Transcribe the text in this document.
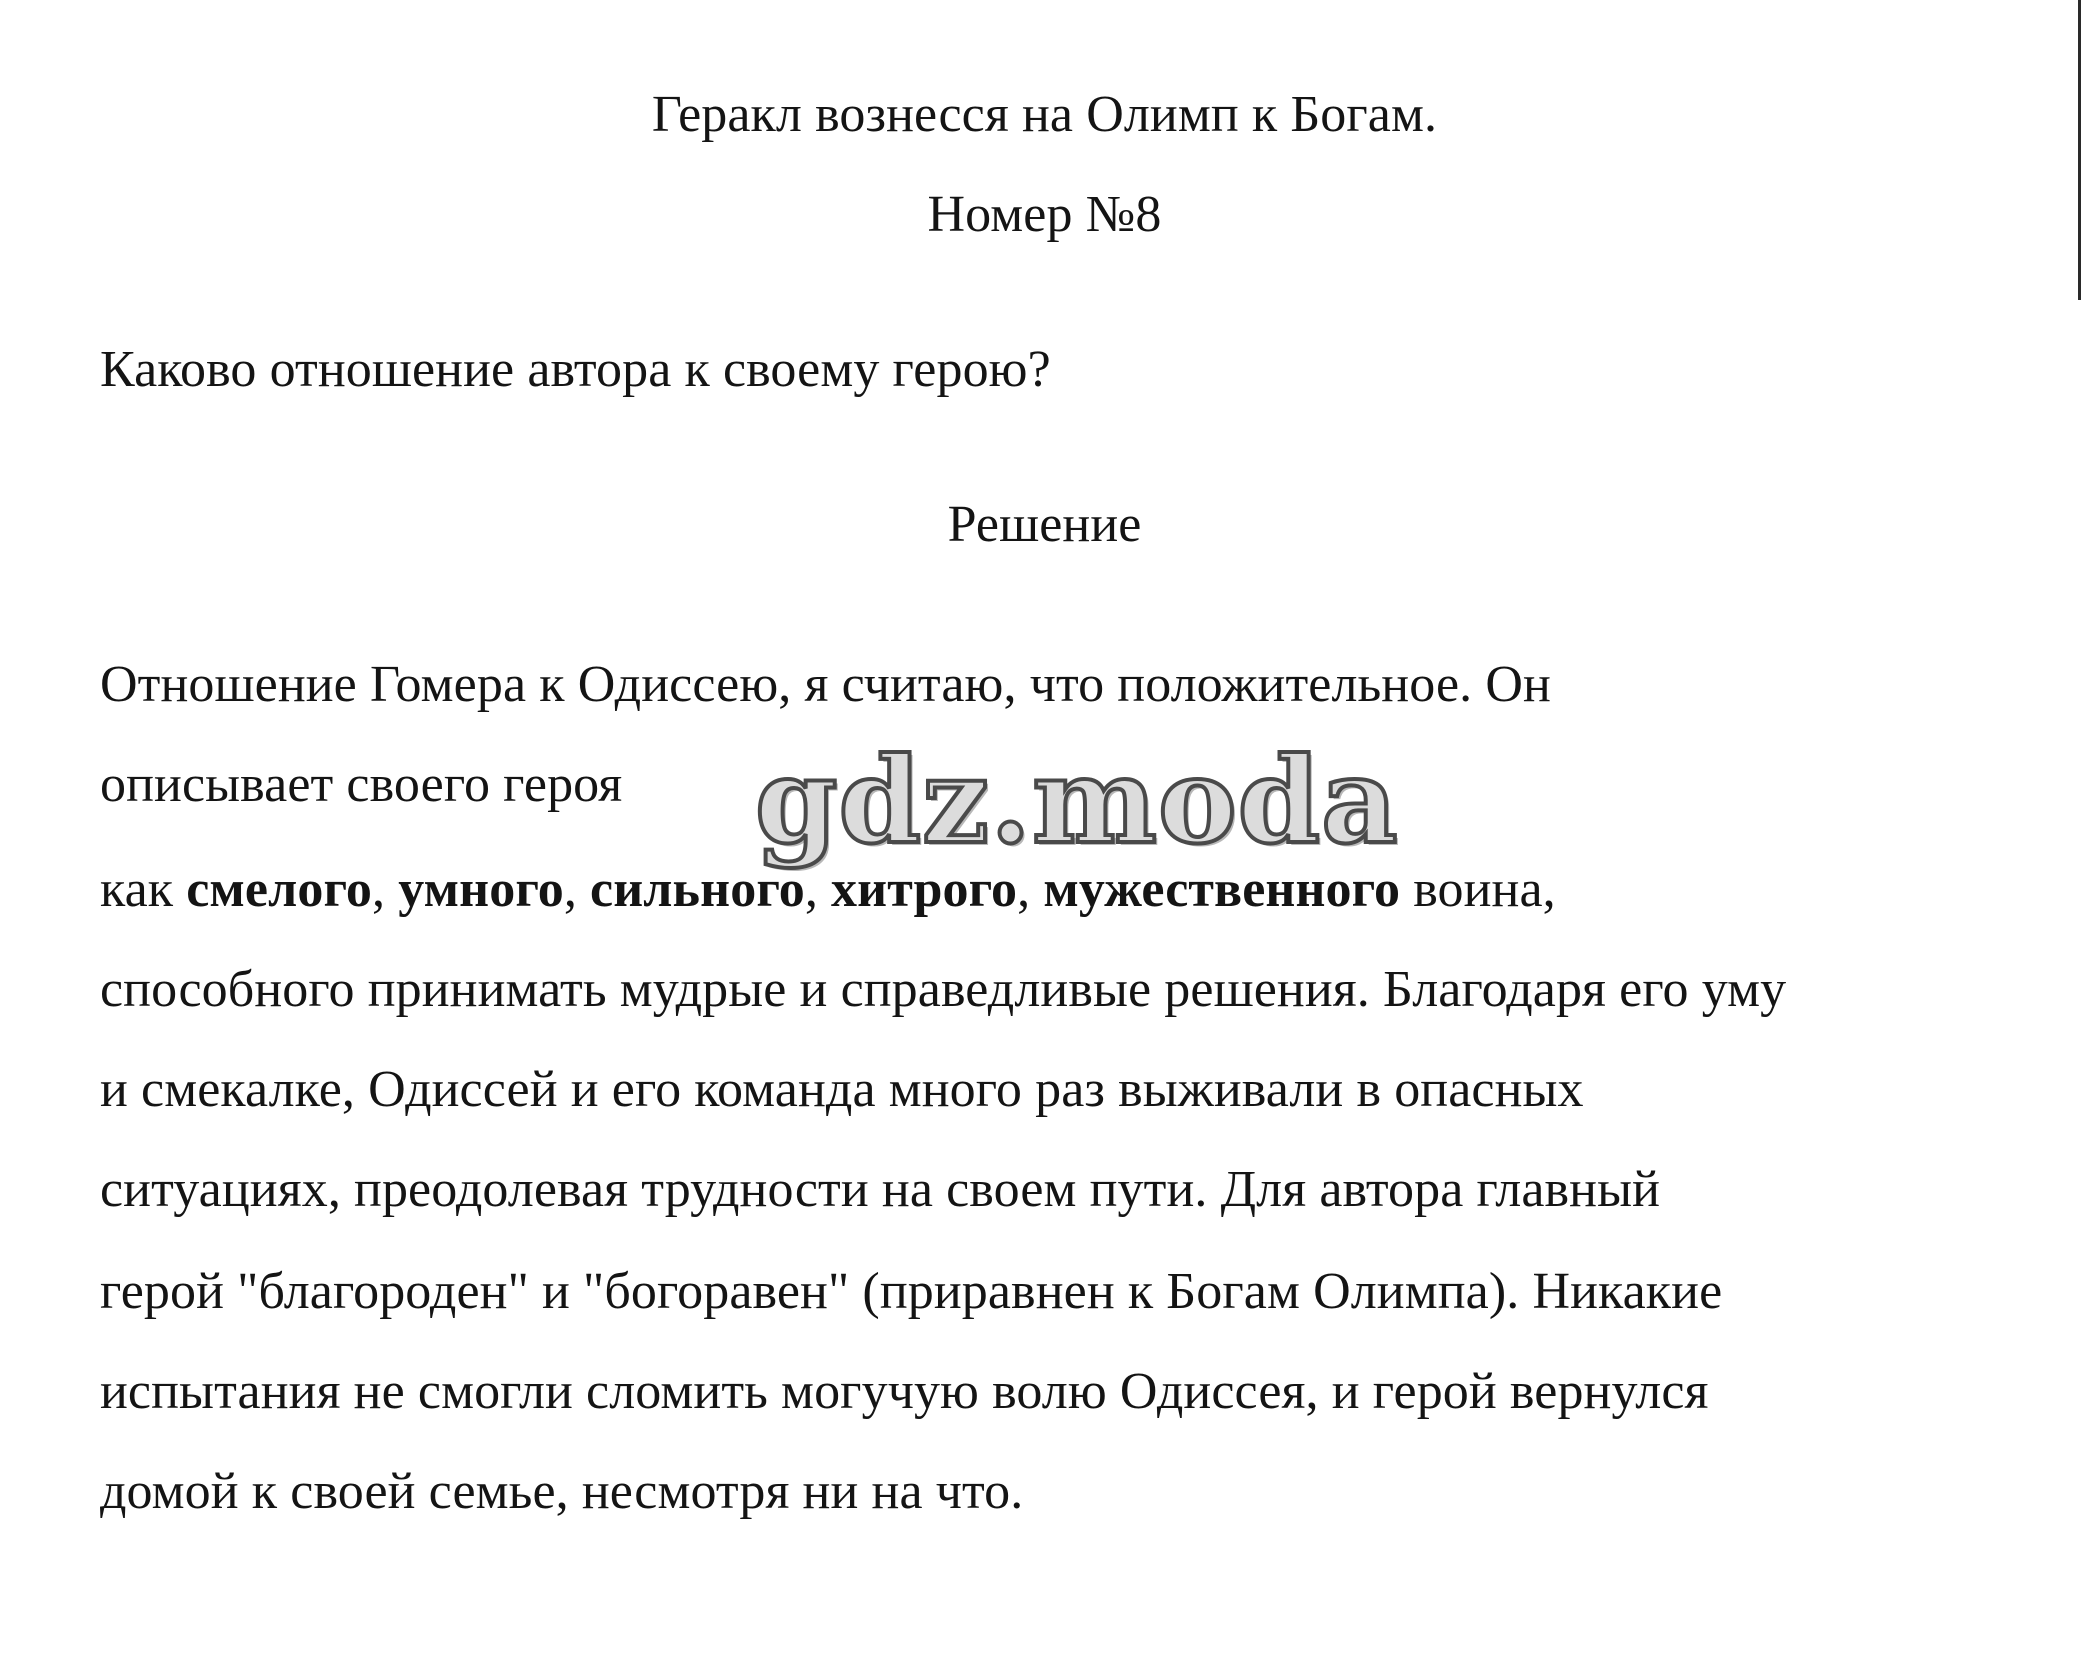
Геракл вознесся на Олимп к Богам.

Номер №8

Каково отношение автора к своему герою?

Решение

Отношение Гомера к Одиссею, я считаю, что положительное. Он

описывает своего героя gdz.moda

как смелого, умного, сильного, хитрого, мужественного воина,

способного принимать мудрые и справедливые решения. Благодаря его уму

и смекалке, Одиссей и его команда много раз выживали в опасных

ситуациях, преодолевая трудности на своем пути. Для автора главный

герой "благороден" и "богоравен" (приравнен к Богам Олимпа). Никакие

испытания не смогли сломить могучую волю Одиссея, и герой вернулся

домой к своей семье, несмотря ни на что.
